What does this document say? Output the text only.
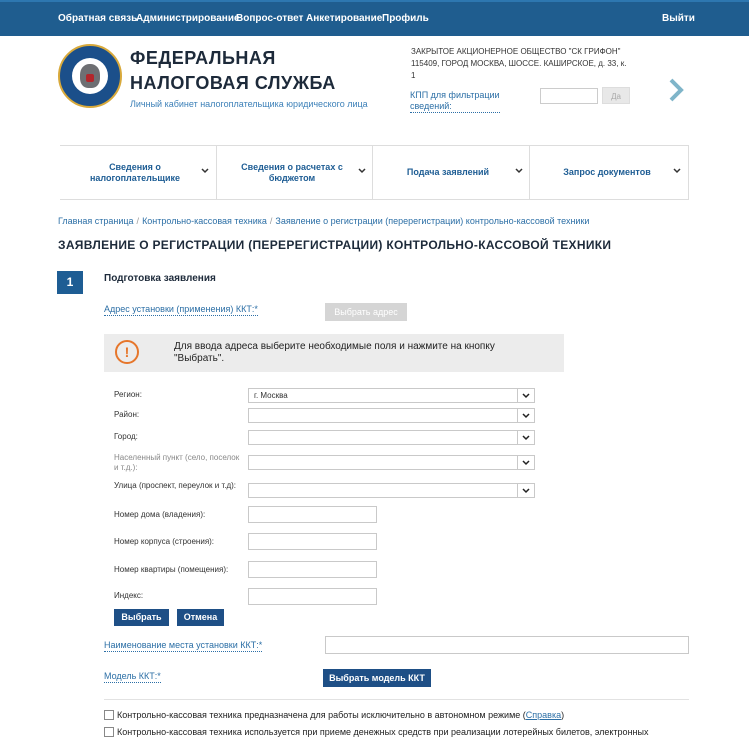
Обратная связь
Администрирование
Вопрос-ответ Анкетирование Профиль	Выйти
ФЕДЕРАЛЬНАЯ
НАЛОГОВАЯ СЛУЖБА
Личный кабинет налогоплательщика юридического лица
ЗАКРЫТОЕ АКЦИОНЕРНОЕ ОБЩЕСТВО "СК ГРИФОН"
115409, ГОРОД МОСКВА, ШОССЕ. КАШИРСКОЕ, д. 33, к.
1
КПП для фильтрации
сведений:
Да
Сведения о
налогоплательщике
Сведения о расчетах с
бюджетом
Подача заявлений	Запрос документов
Главная страница / Контрольно-кассовая техника / Заявление о регистрации (перерегистрации) контрольно-кассовой техники
ЗАЯВЛЕНИЕ О РЕГИСТРАЦИИ (ПЕРЕРЕГИСТРАЦИИ) КОНТРОЛЬНО-КАССОВОЙ ТЕХНИКИ
1	Подготовка заявления
Адрес установки (применения) ККТ:*	Выбрать адрес
!	Для ввода адреса выберите необходимые поля и нажмите на кнопку
"Выбрать".
Регион:	г. Москва
Район:
Город:
Населенный пункт (село, поселок и т.д.):
Улица (проспект, переулок и т.д):
Номер дома (владения):
Номер корпуса (строения):
Номер квартиры (помещения):
Индекс:
Выбрать	Отмена
Наименование места установки ККТ:*
Модель ККТ:*	Выбрать модель ККТ
Контрольно-кассовая техника предназначена для работы исключительно в автономном режиме (Справка)
Контрольно-кассовая техника используется при приеме денежных средств при реализации лотерейных билетов, электронных
